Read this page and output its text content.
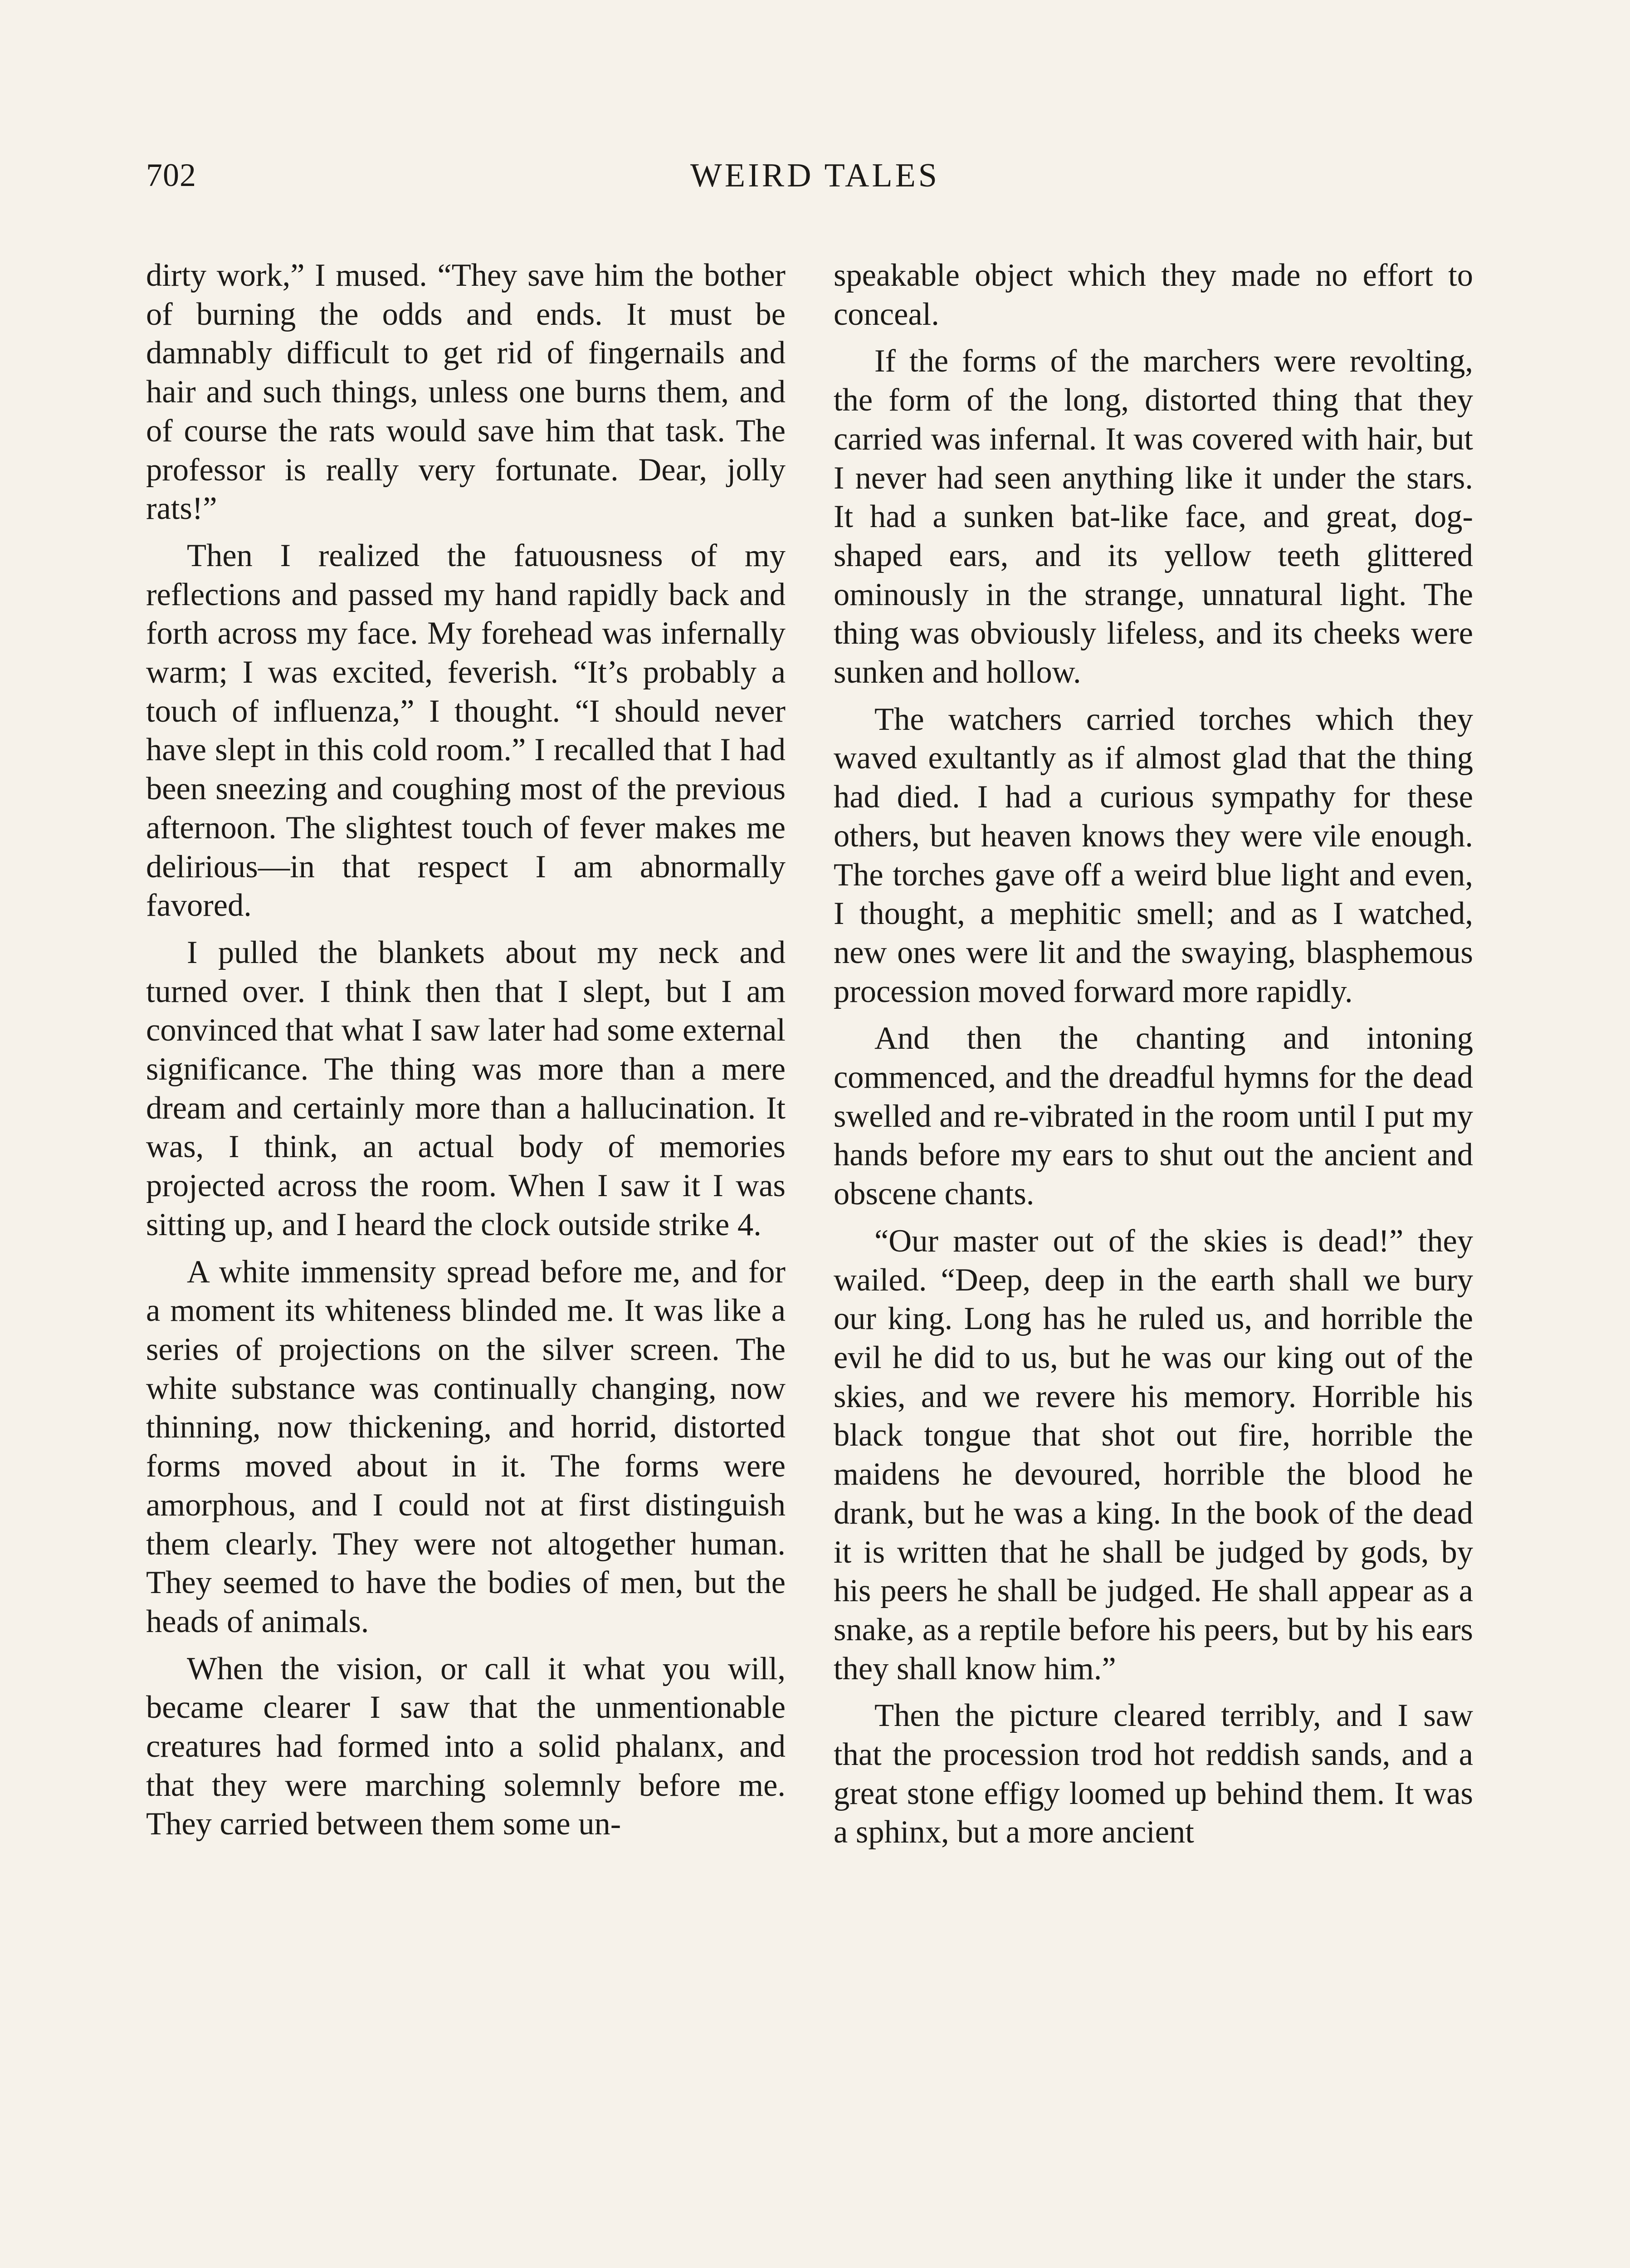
702	WEIRD TALES

dirty work,” I mused. “They save him the bother of burning the odds and ends. It must be damnably difficult to get rid of fingernails and hair and such things, unless one burns them, and of course the rats would save him that task. The professor is really very fortunate. Dear, jolly rats!”

Then I realized the fatuousness of my reflections and passed my hand rapidly back and forth across my face. My forehead was infernally warm; I was excited, feverish. “It’s probably a touch of influenza,” I thought. “I should never have slept in this cold room.” I recalled that I had been sneezing and coughing most of the previous afternoon. The slightest touch of fever makes me delirious—in that respect I am abnormally favored.

I pulled the blankets about my neck and turned over. I think then that I slept, but I am convinced that what I saw later had some external significance. The thing was more than a mere dream and certainly more than a hallucination. It was, I think, an actual body of memories projected across the room. When I saw it I was sitting up, and I heard the clock outside strike 4.

A white immensity spread before me, and for a moment its whiteness blinded me. It was like a series of projections on the silver screen. The white substance was continually changing, now thinning, now thickening, and horrid, distorted forms moved about in it. The forms were amorphous, and I could not at first distinguish them clearly. They were not altogether human. They seemed to have the bodies of men, but the heads of animals.

When the vision, or call it what you will, became clearer I saw that the unmentionable creatures had formed into a solid phalanx, and that they were marching solemnly before me. They carried between them some un-

speakable object which they made no effort to conceal.

If the forms of the marchers were revolting, the form of the long, distorted thing that they carried was infernal. It was covered with hair, but I never had seen anything like it under the stars. It had a sunken bat-like face, and great, dog-shaped ears, and its yellow teeth glittered ominously in the strange, unnatural light. The thing was obviously lifeless, and its cheeks were sunken and hollow.

The watchers carried torches which they waved exultantly as if almost glad that the thing had died. I had a curious sympathy for these others, but heaven knows they were vile enough. The torches gave off a weird blue light and even, I thought, a mephitic smell; and as I watched, new ones were lit and the swaying, blasphemous procession moved forward more rapidly.

And then the chanting and intoning commenced, and the dreadful hymns for the dead swelled and re-vibrated in the room until I put my hands before my ears to shut out the ancient and obscene chants.

“Our master out of the skies is dead!” they wailed. “Deep, deep in the earth shall we bury our king. Long has he ruled us, and horrible the evil he did to us, but he was our king out of the skies, and we revere his memory. Horrible his black tongue that shot out fire, horrible the maidens he devoured, horrible the blood he drank, but he was a king. In the book of the dead it is written that he shall be judged by gods, by his peers he shall be judged. He shall appear as a snake, as a reptile before his peers, but by his ears they shall know him.”

Then the picture cleared terribly, and I saw that the procession trod hot reddish sands, and a great stone effigy loomed up behind them. It was a sphinx, but a more ancient
